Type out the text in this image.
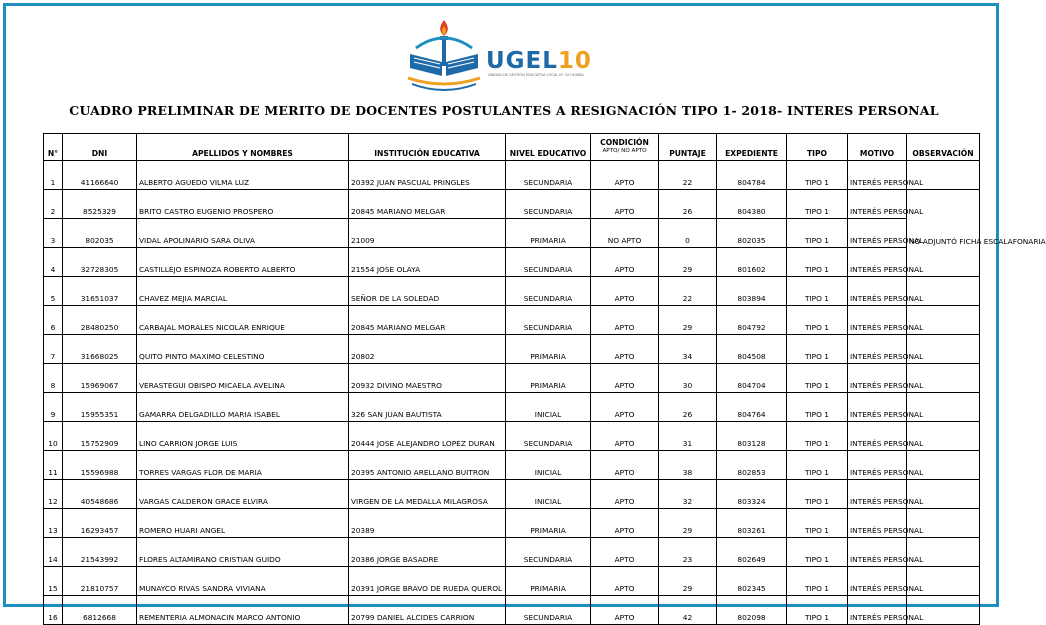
UGEL10
UNIDAD DE GESTIÓN EDUCATIVA LOCAL N° 10 HUARAL
CUADRO PRELIMINAR DE MERITO DE DOCENTES POSTULANTES A RESIGNACIÓN TIPO 1- 2018- INTERES PERSONAL
N°	DNI	APELLIDOS Y NOMBRES	INSTITUCIÓN EDUCATIVA	NIVEL EDUCATIVO	CONDICIÓN
APTO/ NO APTO	PUNTAJE	EXPEDIENTE	TIPO	MOTIVO	OBSERVACIÓN
1	41166640	ALBERTO AGUEDO VILMA LUZ	20392 JUAN PASCUAL PRINGLES	SECUNDARIA	APTO	22	804784	TIPO 1	INTERÉS PERSONAL	
2	8525329	BRITO CASTRO EUGENIO PROSPERO	20845 MARIANO MELGAR	SECUNDARIA	APTO	26	804380	TIPO 1	INTERÉS PERSONAL	NO ADJUNTÓ FICHA ESCALAFONARIA
3	802035	VIDAL APOLINARIO SARA OLIVA	21009	PRIMARIA	NO APTO	0	802035	TIPO 1	INTERÉS PERSONAL	
4	32728305	CASTILLEJO ESPINOZA ROBERTO ALBERTO	21554 JOSE OLAYA	SECUNDARIA	APTO	29	801602	TIPO 1	INTERÉS PERSONAL	
5	31651037	CHAVEZ MEJIA MARCIAL	SEÑOR DE LA SOLEDAD	SECUNDARIA	APTO	22	803894	TIPO 1	INTERÉS PERSONAL	
6	28480250	CARBAJAL MORALES NICOLAR ENRIQUE	20845 MARIANO MELGAR	SECUNDARIA	APTO	29	804792	TIPO 1	INTERÉS PERSONAL	
7	31668025	QUITO PINTO MAXIMO CELESTINO	20802	PRIMARIA	APTO	34	804508	TIPO 1	INTERÉS PERSONAL	
8	15969067	VERASTEGUI OBISPO MICAELA AVELINA	20932 DIVINO MAESTRO	PRIMARIA	APTO	30	804704	TIPO 1	INTERÉS PERSONAL	
9	15955351	GAMARRA DELGADILLO MARIA ISABEL	326 SAN JUAN BAUTISTA	INICIAL	APTO	26	804764	TIPO 1	INTERÉS PERSONAL	
10	15752909	LINO CARRION JORGE LUIS	20444 JOSE ALEJANDRO LOPEZ DURAN	SECUNDARIA	APTO	31	803128	TIPO 1	INTERÉS PERSONAL	
11	15596988	TORRES VARGAS FLOR DE MARIA	20395 ANTONIO ARELLANO BUITRON	INICIAL	APTO	38	802853	TIPO 1	INTERÉS PERSONAL	
12	40548686	VARGAS CALDERON GRACE ELVIRA	VIRGEN DE LA MEDALLA MILAGROSA	INICIAL	APTO	32	803324	TIPO 1	INTERÉS PERSONAL	
13	16293457	ROMERO HUARI ANGEL	20389	PRIMARIA	APTO	29	803261	TIPO 1	INTERÉS PERSONAL	
14	21543992	FLORES ALTAMIRANO CRISTIAN GUIDO	20386 JORGE BASADRE	SECUNDARIA	APTO	23	802649	TIPO 1	INTERÉS PERSONAL	
15	21810757	MUNAYCO RIVAS SANDRA VIVIANA	20391 JORGE BRAVO DE RUEDA QUEROL	PRIMARIA	APTO	29	802345	TIPO 1	INTERÉS PERSONAL	
16	6812668	REMENTERIA ALMONACIN MARCO ANTONIO	20799 DANIEL ALCIDES CARRION	SECUNDARIA	APTO	42	802098	TIPO 1	INTERÉS PERSONAL	
